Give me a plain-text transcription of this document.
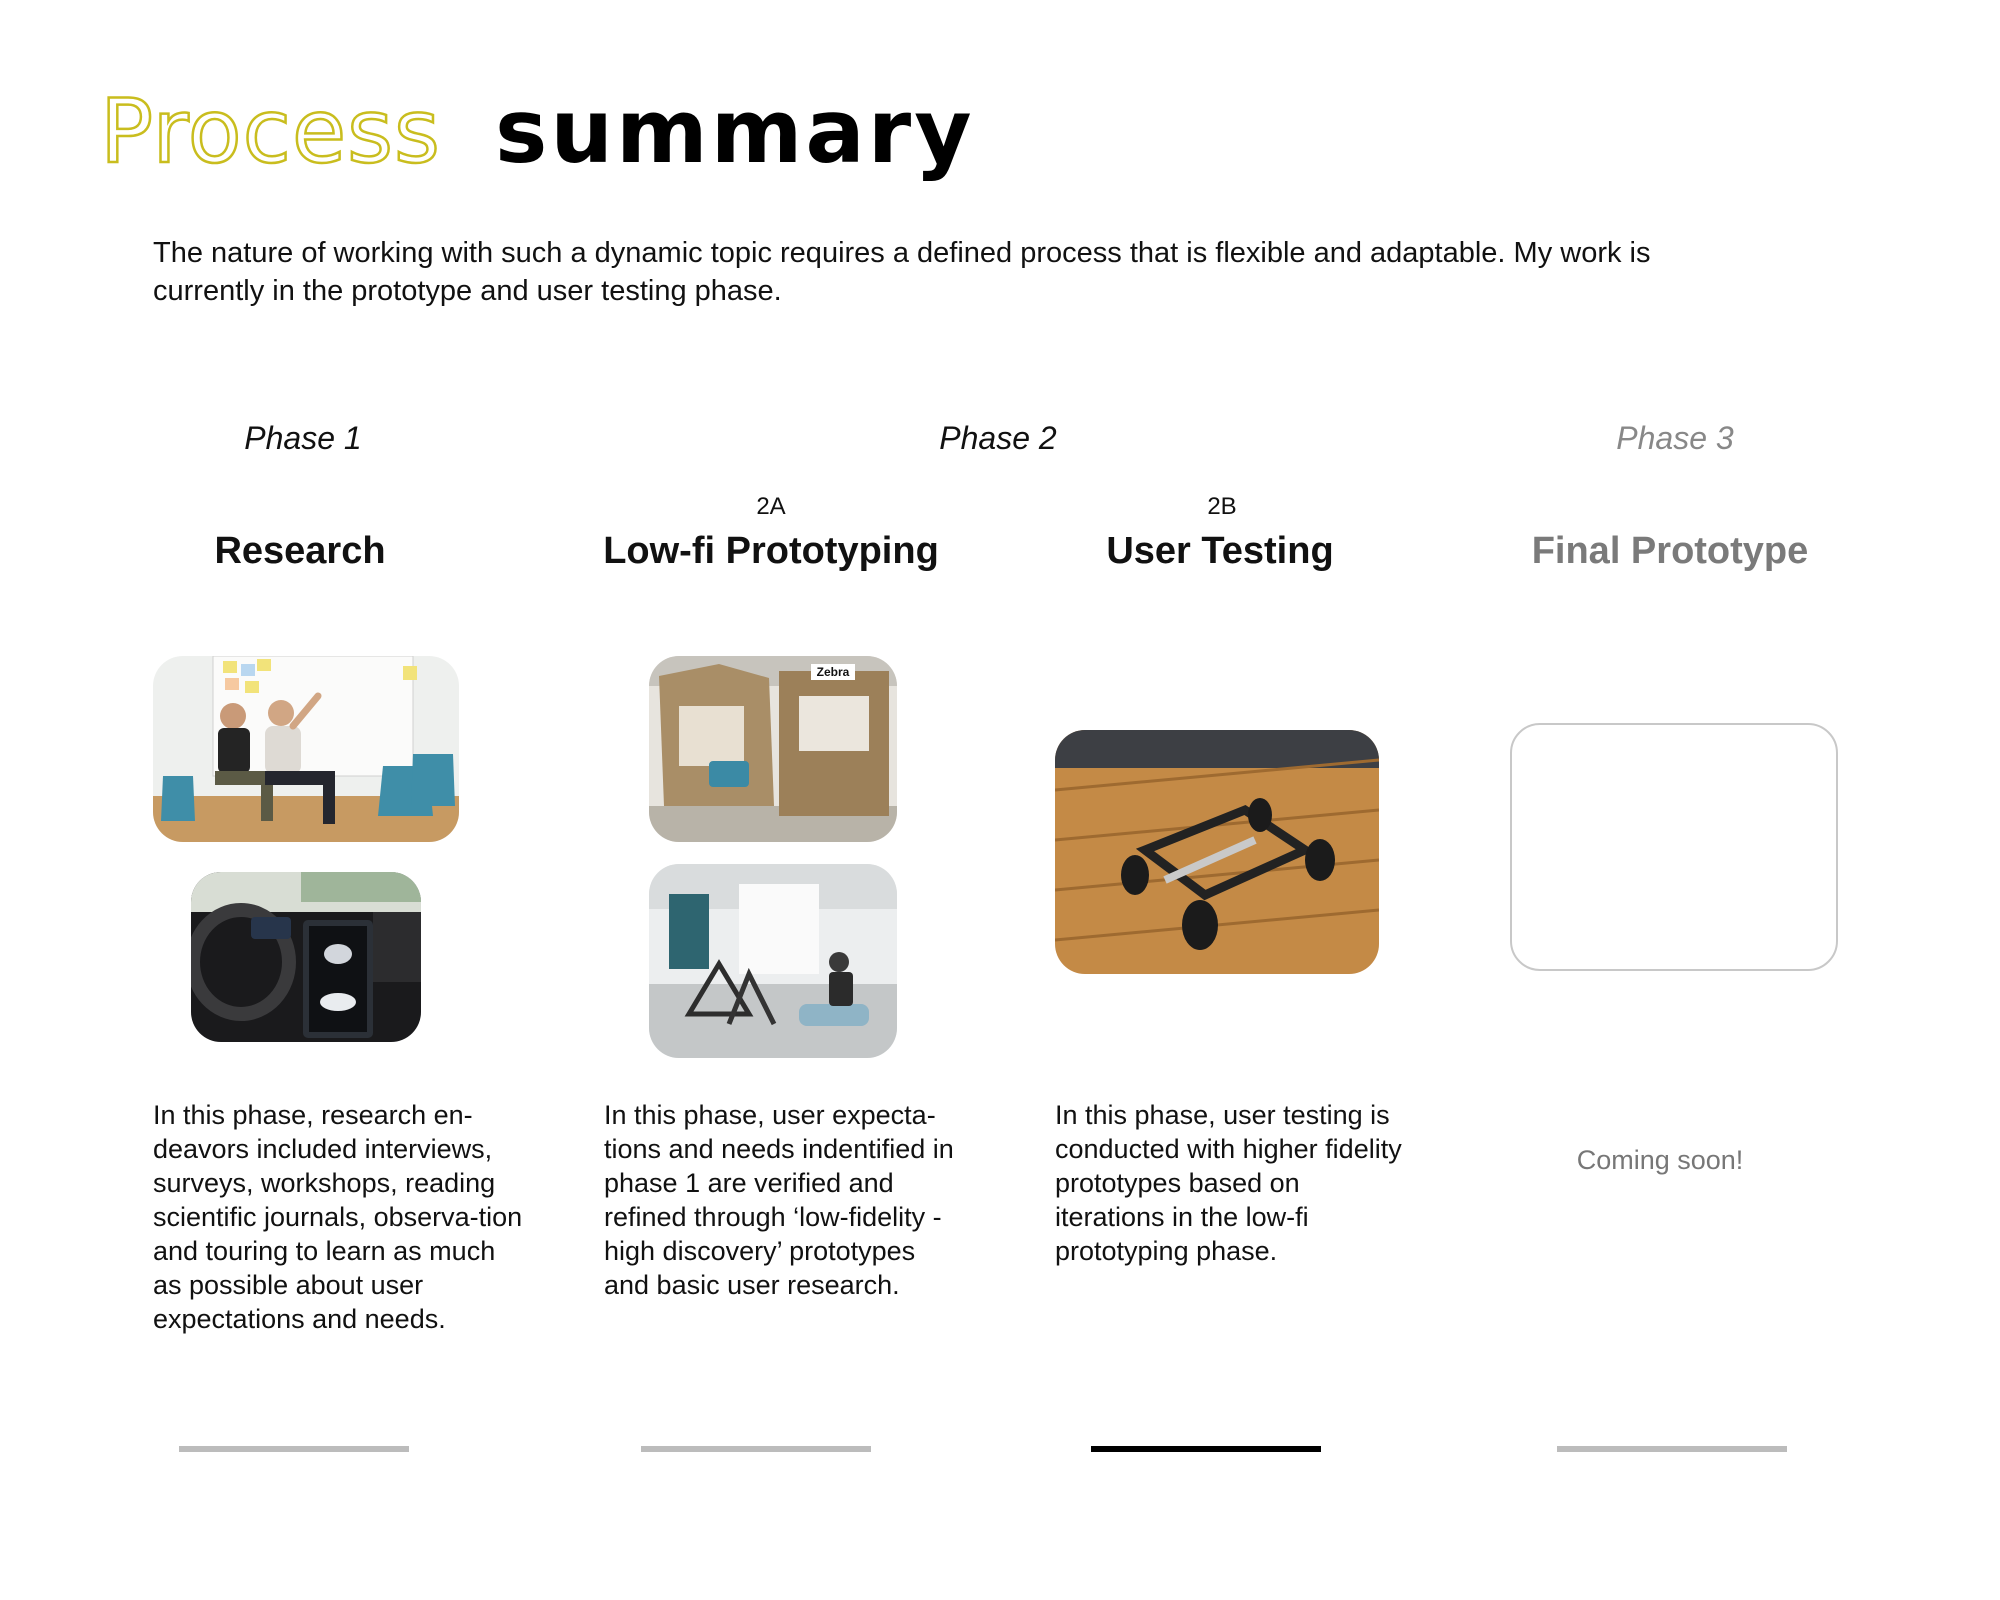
Process summary
The nature of working with such a dynamic topic requires a defined process that is flexible and adaptable. My work is currently in the prototype and user testing phase.
Phase 1	Phase 2	Phase 3
2A	2B
Research	Low-fi Prototyping	User Testing	Final Prototype
Zebra
In this phase, research en-deavors included interviews, surveys, workshops, reading scientific journals, observa-tion and touring to learn as much as possible about user expectations and needs.
In this phase, user expecta-tions and needs indentified in phase 1 are verified and refined through ‘low-fidelity - high discovery’ prototypes and basic user research.
In this phase, user testing is conducted with higher fidelity prototypes based on iterations in the low-fi prototyping phase.
Coming soon!
